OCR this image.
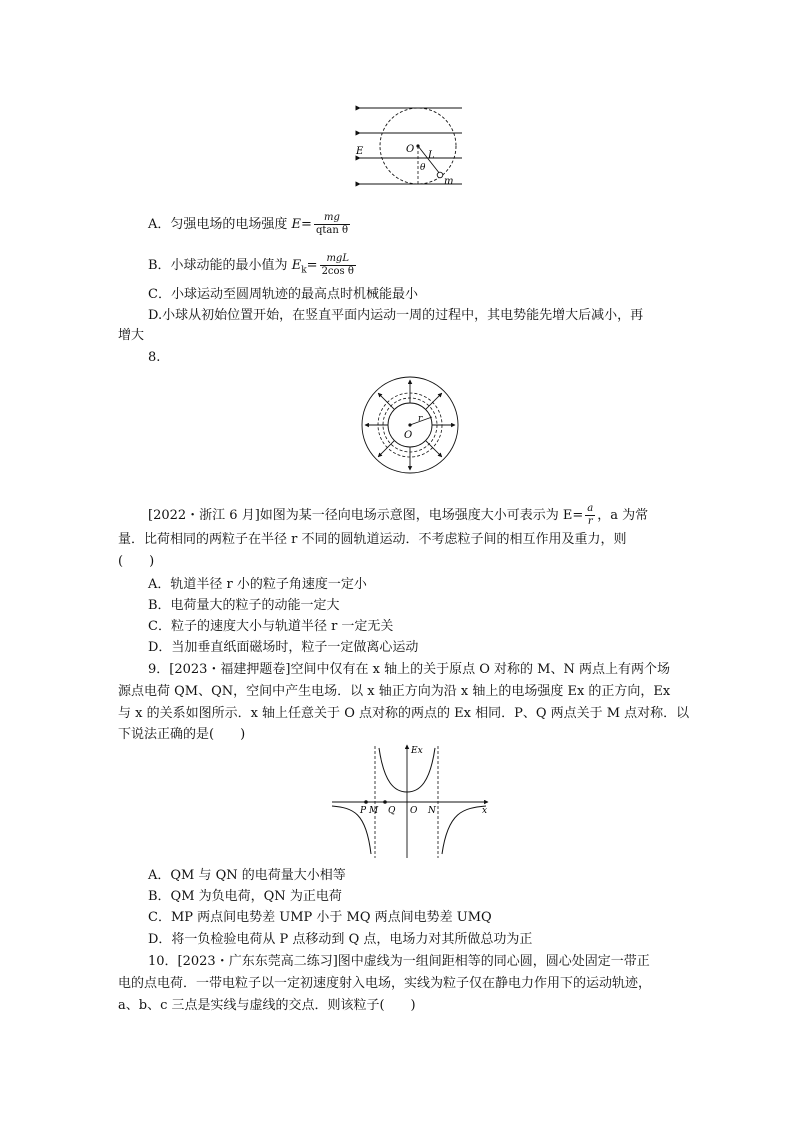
E	O
L
θ
m
A．匀强电场的电场强度 $E= \frac{mg}{\text{qtan θ}}$
B．小球动能的最小值为 $E_k= \frac{\text{mgL}}{\text{2cos θ}}$
C．小球运动至圆周轨迹的最高点时机械能最小
D.小球从初始位置开始，在竖直平面内运动一周的过程中，其电势能先增大后减小，再
增大
8.
O
r
[2022・浙江 6 月]如图为某一径向电场示意图，电场强度大小可表示为 $E= \frac{a}{r}$ ，a 为常
量．比荷相同的两粒子在半径 r 不同的圆轨道运动．不考虑粒子间的相互作用及重力，则
(　　)
A．轨道半径 r 小的粒子角速度一定小
B．电荷量大的粒子的动能一定大
C．粒子的速度大小与轨道半径 r 一定无关
D．当加垂直纸面磁场时，粒子一定做离心运动
9．[2023・福建押题卷]空间中仅有在 x 轴上的关于原点 O 对称的 M、N 两点上有两个场
源点电荷 QM、QN，空间中产生电场．以 x 轴正方向为沿 x 轴上的电场强度 Ex 的正方向，Ex
与 x 的关系如图所示．x 轴上任意关于 O 点对称的两点的 Ex 相同．P、Q 两点关于 M 点对称．以
下说法正确的是(　　)
Ex
P M Q O N	x
A．QM 与 QN 的电荷量大小相等
B．QM 为负电荷，QN 为正电荷
C．MP 两点间电势差 UMP 小于 MQ 两点间电势差 UMQ
D．将一负检验电荷从 P 点移动到 Q 点，电场力对其所做总功为正
10．[2023・广东东莞高二练习]图中虚线为一组间距相等的同心圆，圆心处固定一带正
电的点电荷．一带电粒子以一定初速度射入电场，实线为粒子仅在静电力作用下的运动轨迹，
a、b、c 三点是实线与虚线的交点．则该粒子(　　)
